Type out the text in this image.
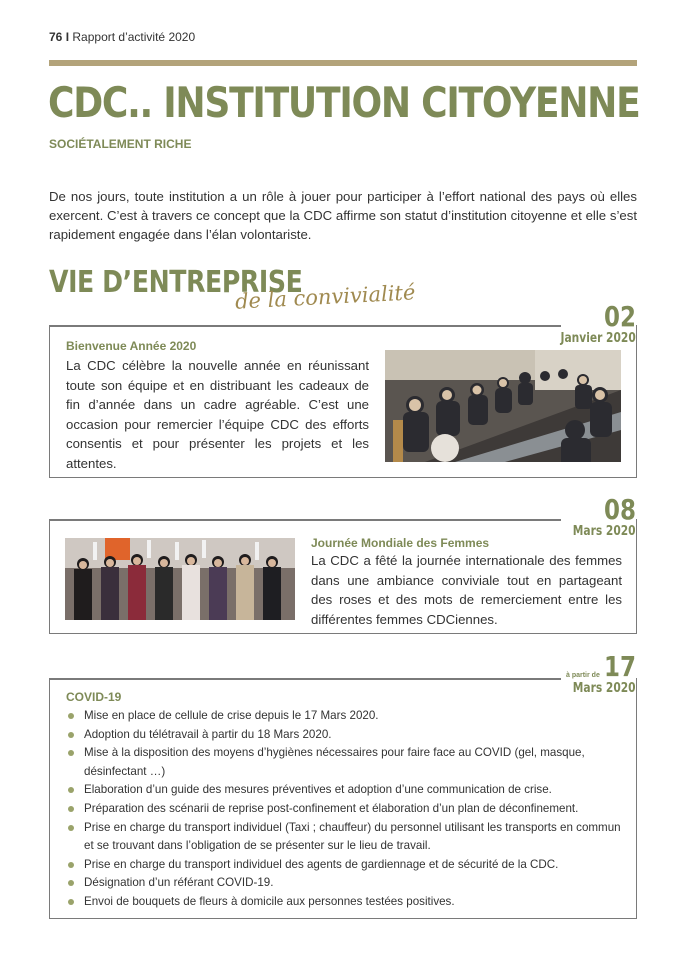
76 I Rapport d’activité 2020
CDC.. INSTITUTION CITOYENNE
SOCIÉTALEMENT RICHE
De nos jours, toute institution a un rôle à jouer pour participer à l’effort national des pays où elles exercent. C’est à travers ce concept que la CDC affirme son statut d’institution citoyenne et elle s’est rapidement engagée dans l’élan volontariste.
VIE D’ENTREPRISE
de la convivialité
02
Janvier 2020
Bienvenue Année 2020
La CDC célèbre la nouvelle année en réunissant toute son équipe et en distribuant les cadeaux de fin d’année dans un cadre agréable. C’est une occasion pour remercier l’équipe CDC des efforts consentis et pour présenter les projets et les attentes.
08
Mars 2020
Journée Mondiale des Femmes
La CDC a fêté la journée internationale des femmes dans une ambiance conviviale tout en partageant des roses et des mots de remerciement entre les différentes femmes CDCiennes.
à partir de 17
Mars 2020
COVID-19
Mise en place de cellule de crise depuis le 17 Mars 2020.
Adoption du télétravail à partir du 18 Mars 2020.
Mise à la disposition des moyens d’hygiènes nécessaires pour faire face au COVID (gel, masque, désinfectant …)
Elaboration d’un guide des mesures préventives et adoption d’une communication de crise.
Préparation des scénarii de reprise post-confinement et élaboration d’un plan de déconfinement.
Prise en charge du transport individuel (Taxi ; chauffeur) du personnel utilisant les transports en commun et se trouvant dans l’obligation de se présenter sur le lieu de travail.
Prise en charge du transport individuel des agents de gardiennage et de sécurité de la CDC.
Désignation d’un référant COVID-19.
Envoi de bouquets de fleurs à domicile aux personnes testées positives.
